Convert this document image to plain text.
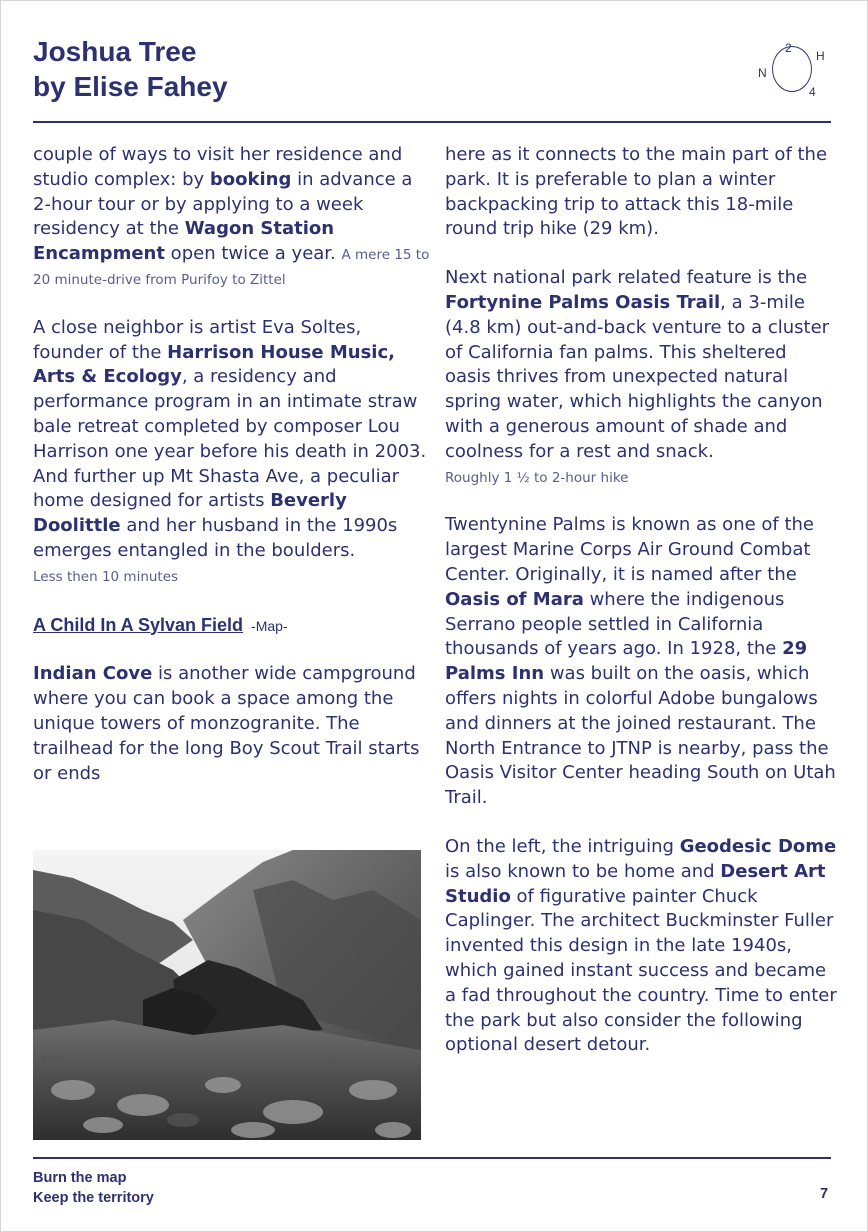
Joshua Tree
by Elise Fahey
2
H
N
4

couple of ways to visit her residence and studio complex: by booking in advance a 2-hour tour or by applying to a week residency at the Wagon Station Encampment open twice a year. A mere 15 to 20 minute-drive from Purifoy to Zittel

A close neighbor is artist Eva Soltes, founder of the Harrison House Music, Arts & Ecology, a residency and performance program in an intimate straw bale retreat completed by composer Lou Harrison one year before his death in 2003. And further up Mt Shasta Ave, a peculiar home designed for artists Beverly Doolittle and her husband in the 1990s emerges entangled in the boulders.
Less then 10 minutes

A Child In A Sylvan Field -Map-

Indian Cove is another wide campground where you can book a space among the unique towers of monzogranite. The trailhead for the long Boy Scout Trail starts or ends

here as it connects to the main part of the park. It is preferable to plan a winter backpacking trip to attack this 18-mile round trip hike (29 km).

Next national park related feature is the Fortynine Palms Oasis Trail, a 3-mile (4.8 km) out-and-back venture to a cluster of California fan palms. This sheltered oasis thrives from unexpected natural spring water, which highlights the canyon with a generous amount of shade and coolness for a rest and snack.
Roughly 1 ½ to 2-hour hike

Twentynine Palms is known as one of the largest Marine Corps Air Ground Combat Center. Originally, it is named after the Oasis of Mara where the indigenous Serrano people settled in California thousands of years ago. In 1928, the 29 Palms Inn was built on the oasis, which offers nights in colorful Adobe bungalows and dinners at the joined restaurant. The North Entrance to JTNP is nearby, pass the Oasis Visitor Center heading South on Utah Trail.

On the left, the intriguing Geodesic Dome is also known to be home and Desert Art Studio of figurative painter Chuck Caplinger. The architect Buckminster Fuller invented this design in the late 1940s, which gained instant success and became a fad throughout the country. Time to enter the park but also consider the following optional desert detour.

Burn the map
Keep the territory	7
